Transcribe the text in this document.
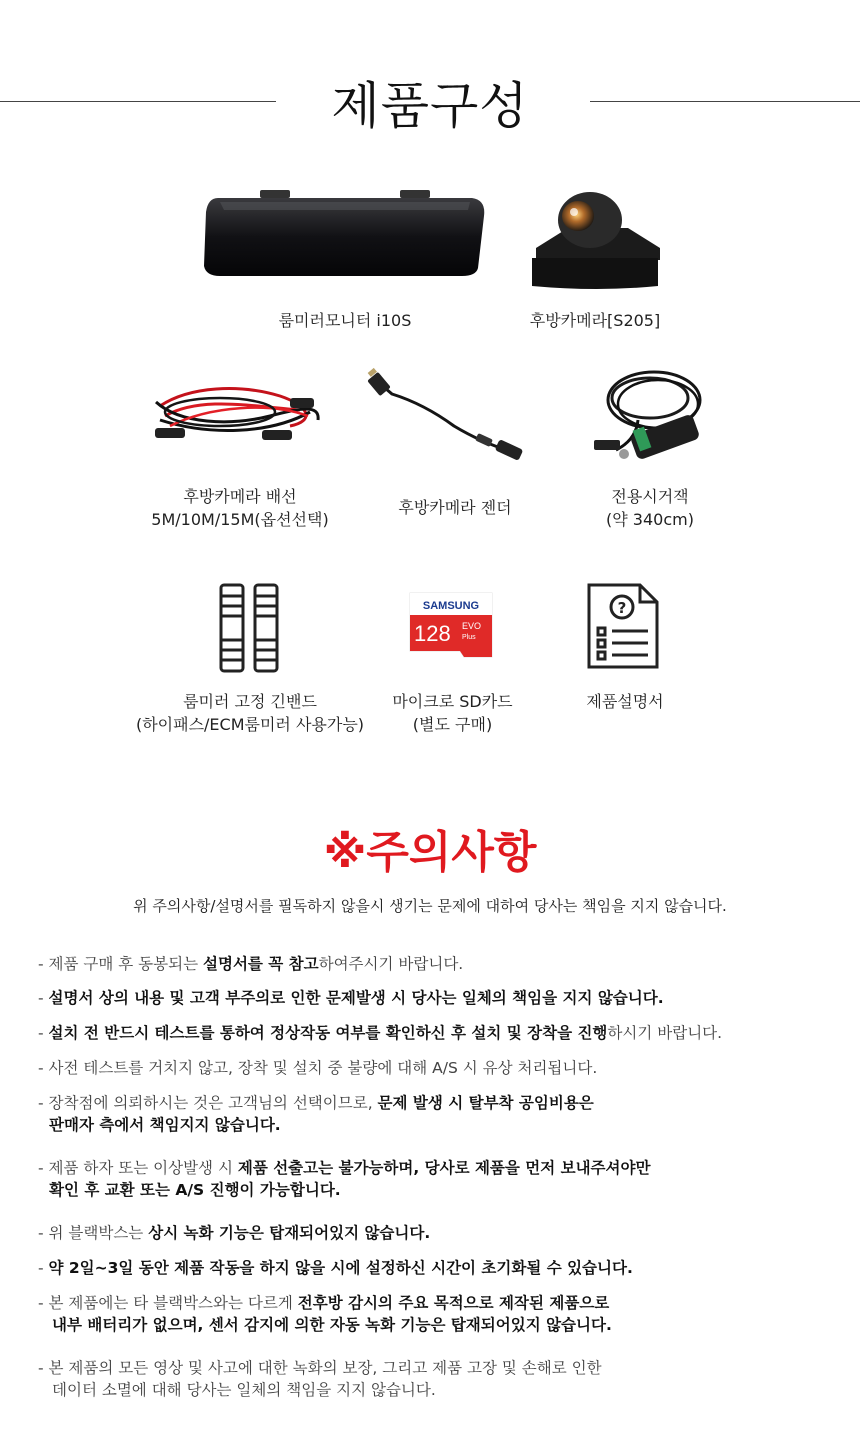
제품구성
룸미러모니터 i10S	후방카메라[S205]
후방카메라 배선
5M/10M/15M(옵션선택)
후방카메라 젠더
전용시거잭
(약 340cm)
룸미러 고정 긴밴드
(하이패스/ECM룸미러 사용가능)
SAMSUNG
128 EVO
Plus
마이크로 SD카드
(별도 구매)
?
제품설명서
※주의사항
위 주의사항/설명서를 필독하지 않을시 생기는 문제에 대하여 당사는 책임을 지지 않습니다.
- 제품 구매 후 동봉되는 설명서를 꼭 참고하여주시기 바랍니다.
- 설명서 상의 내용 및 고객 부주의로 인한 문제발생 시 당사는 일체의 책임을 지지 않습니다.
- 설치 전 반드시 테스트를 통하여 정상작동 여부를 확인하신 후 설치 및 장착을 진행하시기 바랍니다.
- 사전 테스트를 거치지 않고, 장착 및 설치 중 불량에 대해 A/S 시 유상 처리됩니다.
- 장착점에 의뢰하시는 것은 고객님의 선택이므로, 문제 발생 시 탈부착 공임비용은
판매자 측에서 책임지지 않습니다.
- 제품 하자 또는 이상발생 시 제품 선출고는 불가능하며, 당사로 제품을 먼저 보내주셔야만
확인 후 교환 또는 A/S 진행이 가능합니다.
- 위 블랙박스는 상시 녹화 기능은 탑재되어있지 않습니다.
- 약 2일~3일 동안 제품 작동을 하지 않을 시에 설정하신 시간이 초기화될 수 있습니다.
- 본 제품에는 타 블랙박스와는 다르게 전후방 감시의 주요 목적으로 제작된 제품으로
내부 배터리가 없으며, 센서 감지에 의한 자동 녹화 기능은 탑재되어있지 않습니다.
- 본 제품의 모든 영상 및 사고에 대한 녹화의 보장, 그리고 제품 고장 및 손해로 인한
데이터 소멸에 대해 당사는 일체의 책임을 지지 않습니다.
